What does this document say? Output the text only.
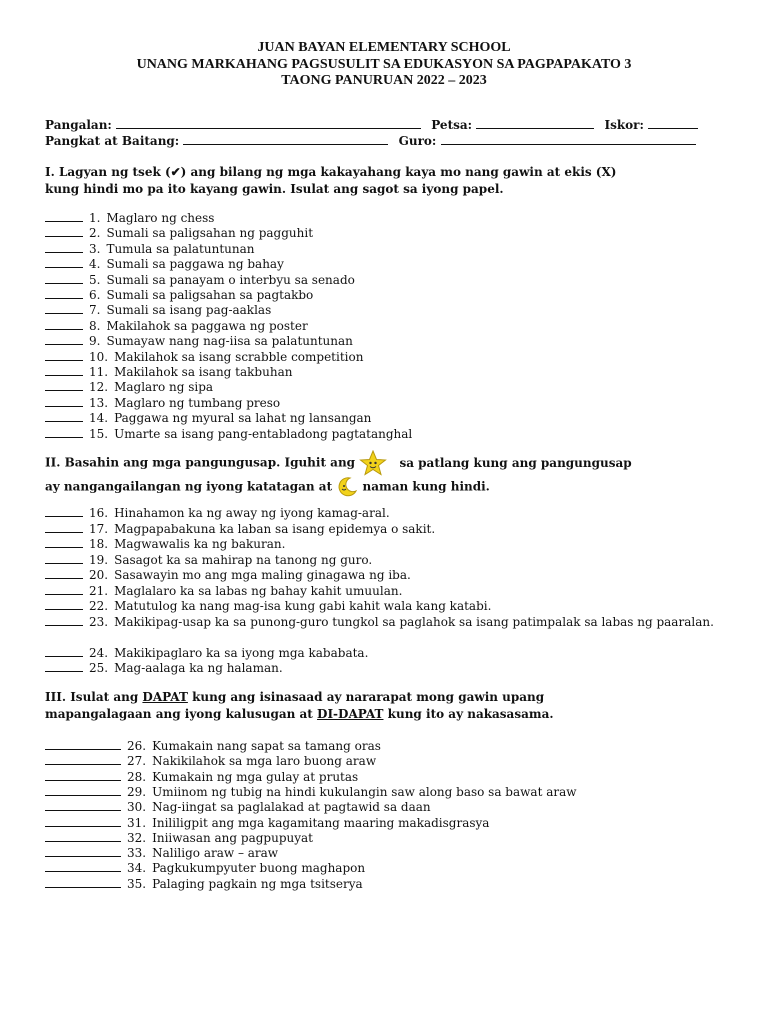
JUAN BAYAN ELEMENTARY SCHOOL
UNANG MARKAHANG PAGSUSULIT SA EDUKASYON SA PAGPAPAKATO 3
TAONG PANURUAN 2022 – 2023
Pangalan:	Petsa:	Iskor:
Pangkat at Baitang:	Guro:
I. Lagyan ng tsek (✔) ang bilang ng mga kakayahang kaya mo nang gawin at ekis (X)
kung hindi mo pa ito kayang gawin. Isulat ang sagot sa iyong papel.
1. Maglaro ng chess
2. Sumali sa paligsahan ng pagguhit
3. Tumula sa palatuntunan
4. Sumali sa paggawa ng bahay
5. Sumali sa panayam o interbyu sa senado
6. Sumali sa paligsahan sa pagtakbo
7. Sumali sa isang pag-aaklas
8. Makilahok sa paggawa ng poster
9. Sumayaw nang nag-iisa sa palatuntunan
10. Makilahok sa isang scrabble competition
11. Makilahok sa isang takbuhan
12. Maglaro ng sipa
13. Maglaro ng tumbang preso
14. Paggawa ng myural sa lahat ng lansangan
15. Umarte sa isang pang-entabladong pagtatanghal
II. Basahin ang mga pangungusap. Iguhit ang	sa patlang kung ang pangungusap
ay nangangailangan ng iyong katatagan at	naman kung hindi.
16. Hinahamon ka ng away ng iyong kamag-aral.
17. Magpapabakuna ka laban sa isang epidemya o sakit.
18. Magwawalis ka ng bakuran.
19. Sasagot ka sa mahirap na tanong ng guro.
20. Sasawayin mo ang mga maling ginagawa ng iba.
21. Maglalaro ka sa labas ng bahay kahit umuulan.
22. Matutulog ka nang mag-isa kung gabi kahit wala kang katabi.
23. Makikipag-usap ka sa punong-guro tungkol sa paglahok sa isang patimpalak sa labas ng paaralan.
24. Makikipaglaro ka sa iyong mga kababata.
25. Mag-aalaga ka ng halaman.
III. Isulat ang DAPAT kung ang isinasaad ay nararapat mong gawin upang
mapangalagaan ang iyong kalusugan at DI-DAPAT kung ito ay nakasasama.
26. Kumakain nang sapat sa tamang oras
27. Nakikilahok sa mga laro buong araw
28. Kumakain ng mga gulay at prutas
29. Umiinom ng tubig na hindi kukulangin saw along baso sa bawat araw
30. Nag-iingat sa paglalakad at pagtawid sa daan
31. Inililigpit ang mga kagamitang maaring makadisgrasya
32. Iniiwasan ang pagpupuyat
33. Naliligo araw – araw
34. Pagkukumpyuter buong maghapon
35. Palaging pagkain ng mga tsitserya
